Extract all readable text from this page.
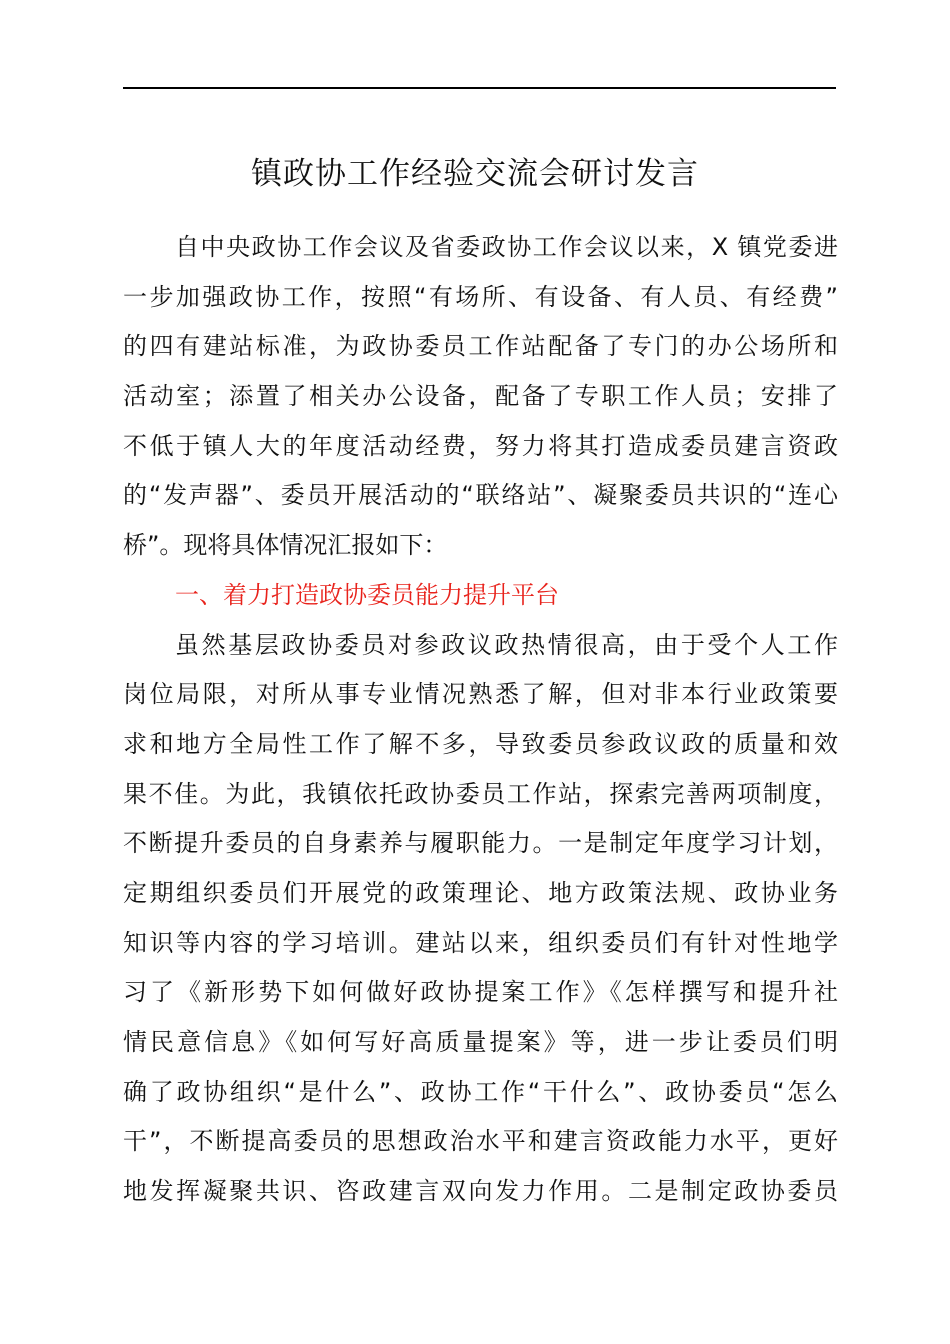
镇政协工作经验交流会研讨发言
自中央政协工作会议及省委政协工作会议以来，X 镇党委进
一步加强政协工作，按照“有场所、有设备、有人员、有经费”
的四有建站标准，为政协委员工作站配备了专门的办公场所和
活动室；添置了相关办公设备，配备了专职工作人员；安排了
不低于镇人大的年度活动经费，努力将其打造成委员建言资政
的“发声器”、委员开展活动的“联络站”、凝聚委员共识的“连心
桥”。现将具体情况汇报如下：
一、着力打造政协委员能力提升平台
虽然基层政协委员对参政议政热情很高，由于受个人工作
岗位局限，对所从事专业情况熟悉了解，但对非本行业政策要
求和地方全局性工作了解不多，导致委员参政议政的质量和效
果不佳。为此，我镇依托政协委员工作站，探索完善两项制度，
不断提升委员的自身素养与履职能力。一是制定年度学习计划，
定期组织委员们开展党的政策理论、地方政策法规、政协业务
知识等内容的学习培训。建站以来，组织委员们有针对性地学
习了《新形势下如何做好政协提案工作》《怎样撰写和提升社
情民意信息》《如何写好高质量提案》等，进一步让委员们明
确了政协组织“是什么”、政协工作“干什么”、政协委员“怎么
干”，不断提高委员的思想政治水平和建言资政能力水平，更好
地发挥凝聚共识、咨政建言双向发力作用。二是制定政协委员
